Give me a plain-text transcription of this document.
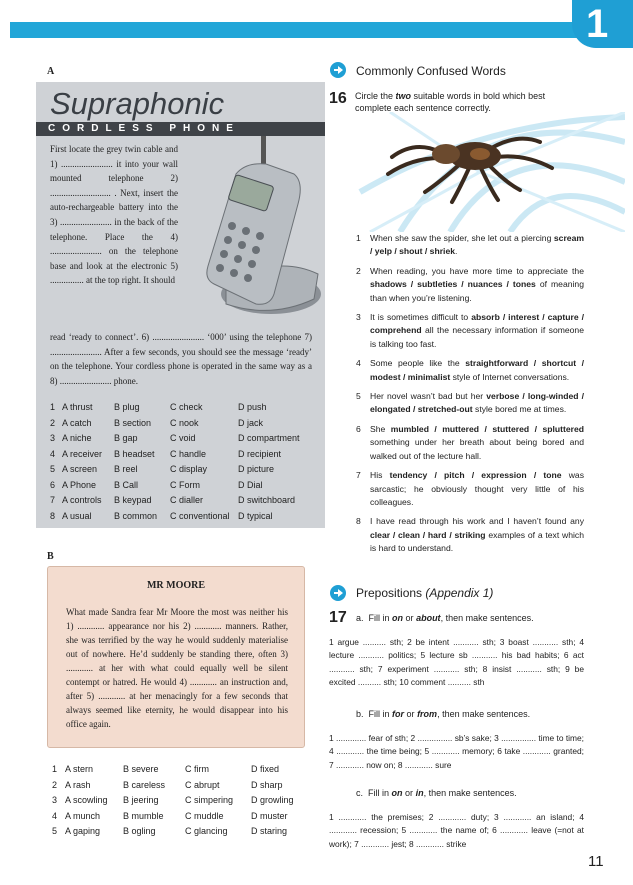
1
A
Supraphonic
CORDLESS PHONE
First locate the grey twin cable and 1) ....................... it into your wall mounted telephone 2) ........................... . Next, insert the auto-rechargeable battery into the 3) ....................... in the back of the telephone. Place the 4) ....................... on the telephone base and look at the electronic 5) ............... at the top right. It should
read ‘ready to connect’. 6) ....................... ‘000’ using the telephone 7) ....................... After a few seconds, you should see the message ‘ready’ on the telephone. Your cordless phone is operated in the same way as a 8) ....................... phone.
1 A thrust B plug	C check	D push
2 A catch B section C nook	D jack
3 A niche B gap	C void	D compartment
4 A receiver B headset C handle	D recipient
5 A screen B reel	C display	D picture
6 A Phone B Call	C Form	D Dial
7 A controls B keypad C dialler	D switchboard
8 A usual B common C conventional D typical
B
MR MOORE
What made Sandra fear Mr Moore the most was neither his 1) ............ appearance nor his 2) ............ manners. Rather, she was terrified by the way he would suddenly materialise out of nowhere. He’d suddenly be standing there, often 3) ............ at her with what could equally well be silent contempt or hatred. He would 4) ............ an instruction and, after 5) ............ at her menacingly for a few seconds that always seemed like eternity, he would disappear into his office again.
1 A stern	B severe	C firm	D fixed
2 A rash	B careless C abrupt	D sharp
3 A scowling B jeering	C simpering D growling
4 A munch	B mumble C muddle	D muster
5 A gaping	B ogling	C glancing	D staring
Commonly Confused Words
16 Circle the two suitable words in bold which best complete each sentence correctly.
1 When she saw the spider, she let out a piercing scream / yelp / shout / shriek.
2 When reading, you have more time to appreciate the shadows / subtleties / nuances / tones of meaning than when you’re listening.
3 It is sometimes difficult to absorb / interest / capture / comprehend all the necessary information if someone is talking too fast.
4 Some people like the straightforward / shortcut / modest / minimalist style of Internet conversations.
5 Her novel wasn’t bad but her verbose / long-winded / elongated / stretched-out style bored me at times.
6 She mumbled / muttered / stuttered / spluttered something under her breath about being bored and walked out of the lecture hall.
7 His tendency / pitch / expression / tone was sarcastic; he obviously thought very little of his colleagues.
8 I have read through his work and I haven’t found any clear / clean / hard / striking examples of a text which is hard to understand.
Prepositions (Appendix 1)
17 a. Fill in on or about, then make sentences.
1 argue .......... sth; 2 be intent ........... sth; 3 boast ........... sth; 4 lecture ........... politics; 5 lecture sb ........... his bad habits; 6 act ........... sth; 7 experiment ........... sth; 8 insist ........... sth; 9 be excited .......... sth; 10 comment .......... sth
b. Fill in for or from, then make sentences.
1 ............. fear of sth; 2 ............... sb’s sake; 3 ............... time to time; 4 ............ the time being; 5 ............ memory; 6 take ............ granted; 7 ............ now on; 8 ............ sure
c. Fill in on or in, then make sentences.
1 ............ the premises; 2 ............ duty; 3 ............ an island; 4 ............ recession; 5 ............ the name of; 6 ............ leave (=not at work); 7 ............ jest; 8 ............ strike
11
